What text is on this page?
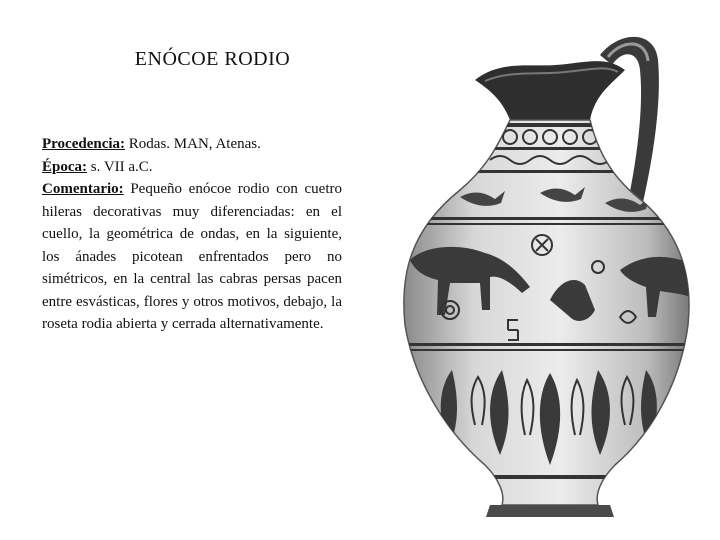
ENÓCOE RODIO

Procedencia: Rodas. MAN, Atenas.

Época: s. VII a.C.

Comentario: Pequeño enócoe rodio con cuetro hileras decorativas muy diferenciadas: en el cuello, la geométrica de ondas, en la siguiente, los ánades picotean enfrentados pero no simétricos, en la central las cabras persas pacen entre esvásticas, flores y otros motivos, debajo, la roseta rodia abierta y cerrada alternativamente.
